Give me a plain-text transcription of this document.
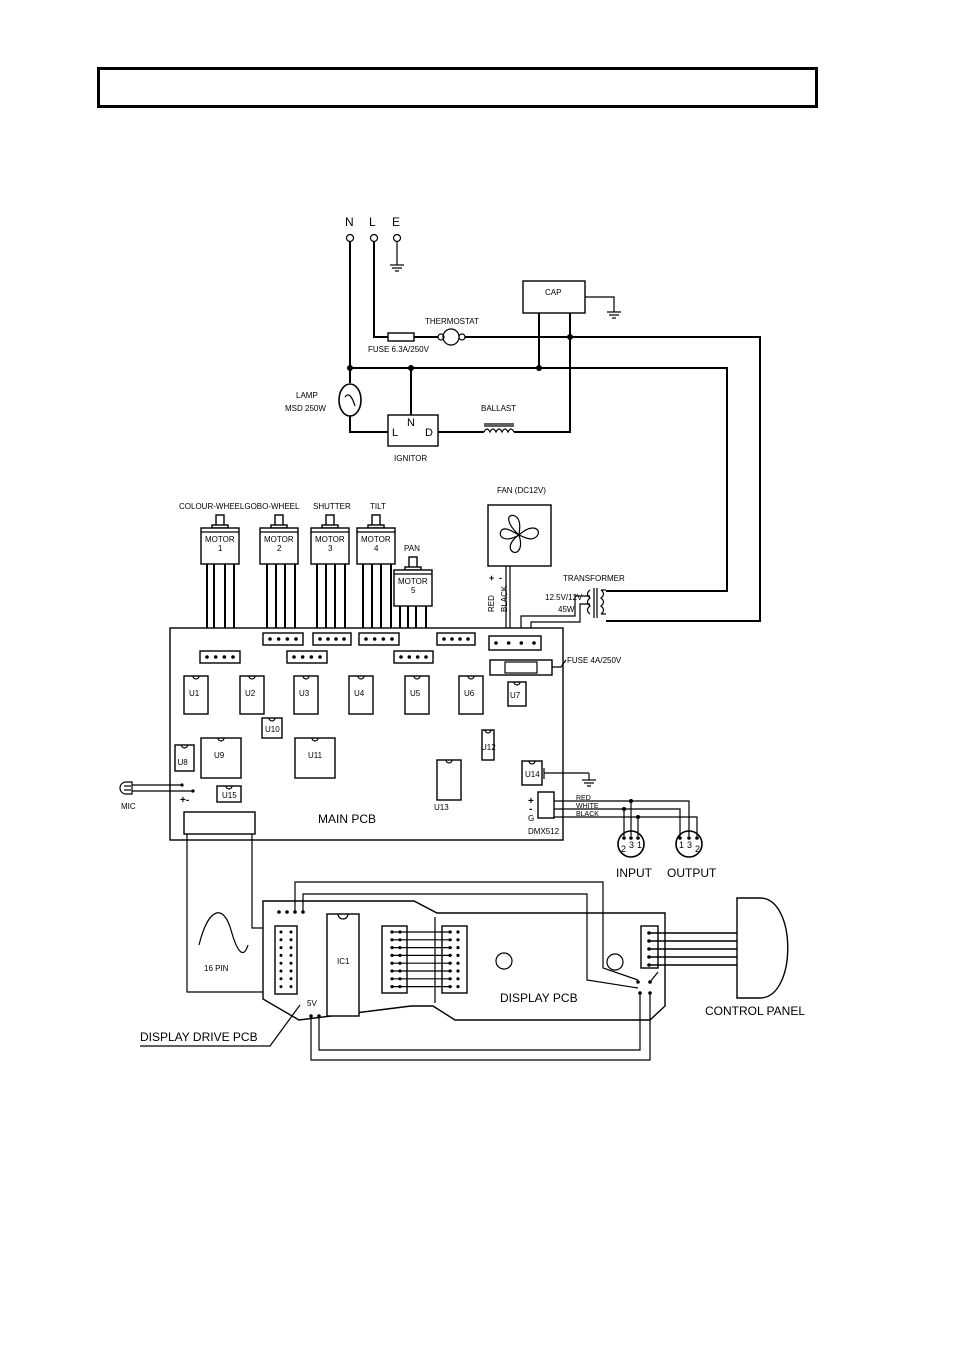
N L E
FUSE 6.3A/250V
THERMOSTAT
CAP
LAMP
MSD 250W
L
N
D
IGNITOR
BALLAST
FAN (DC12V)
+ -
RED BLACK
TRANSFORMER
12.5V/12V
45W
COLOUR-WHEELGOBO-WHEEL SHUTTER TILT
PAN
MOTOR
1
MOTOR
2
MOTOR
3
MOTOR
4
MOTOR
5
MAIN PCB
FUSE 4A/250V
U1	U2	U3	U4	U5	U6	U7
U8
U9
U10
U11
U12
U13
U14
U15
MIC
+-	+
-
G
DMX512
RED
WHITE
BLACK
2 3 1
INPUT
1 3 2
OUTPUT
16 PIN
IC1
5V	DISPLAY PCB
CONTROL PANEL
DISPLAY DRIVE PCB
